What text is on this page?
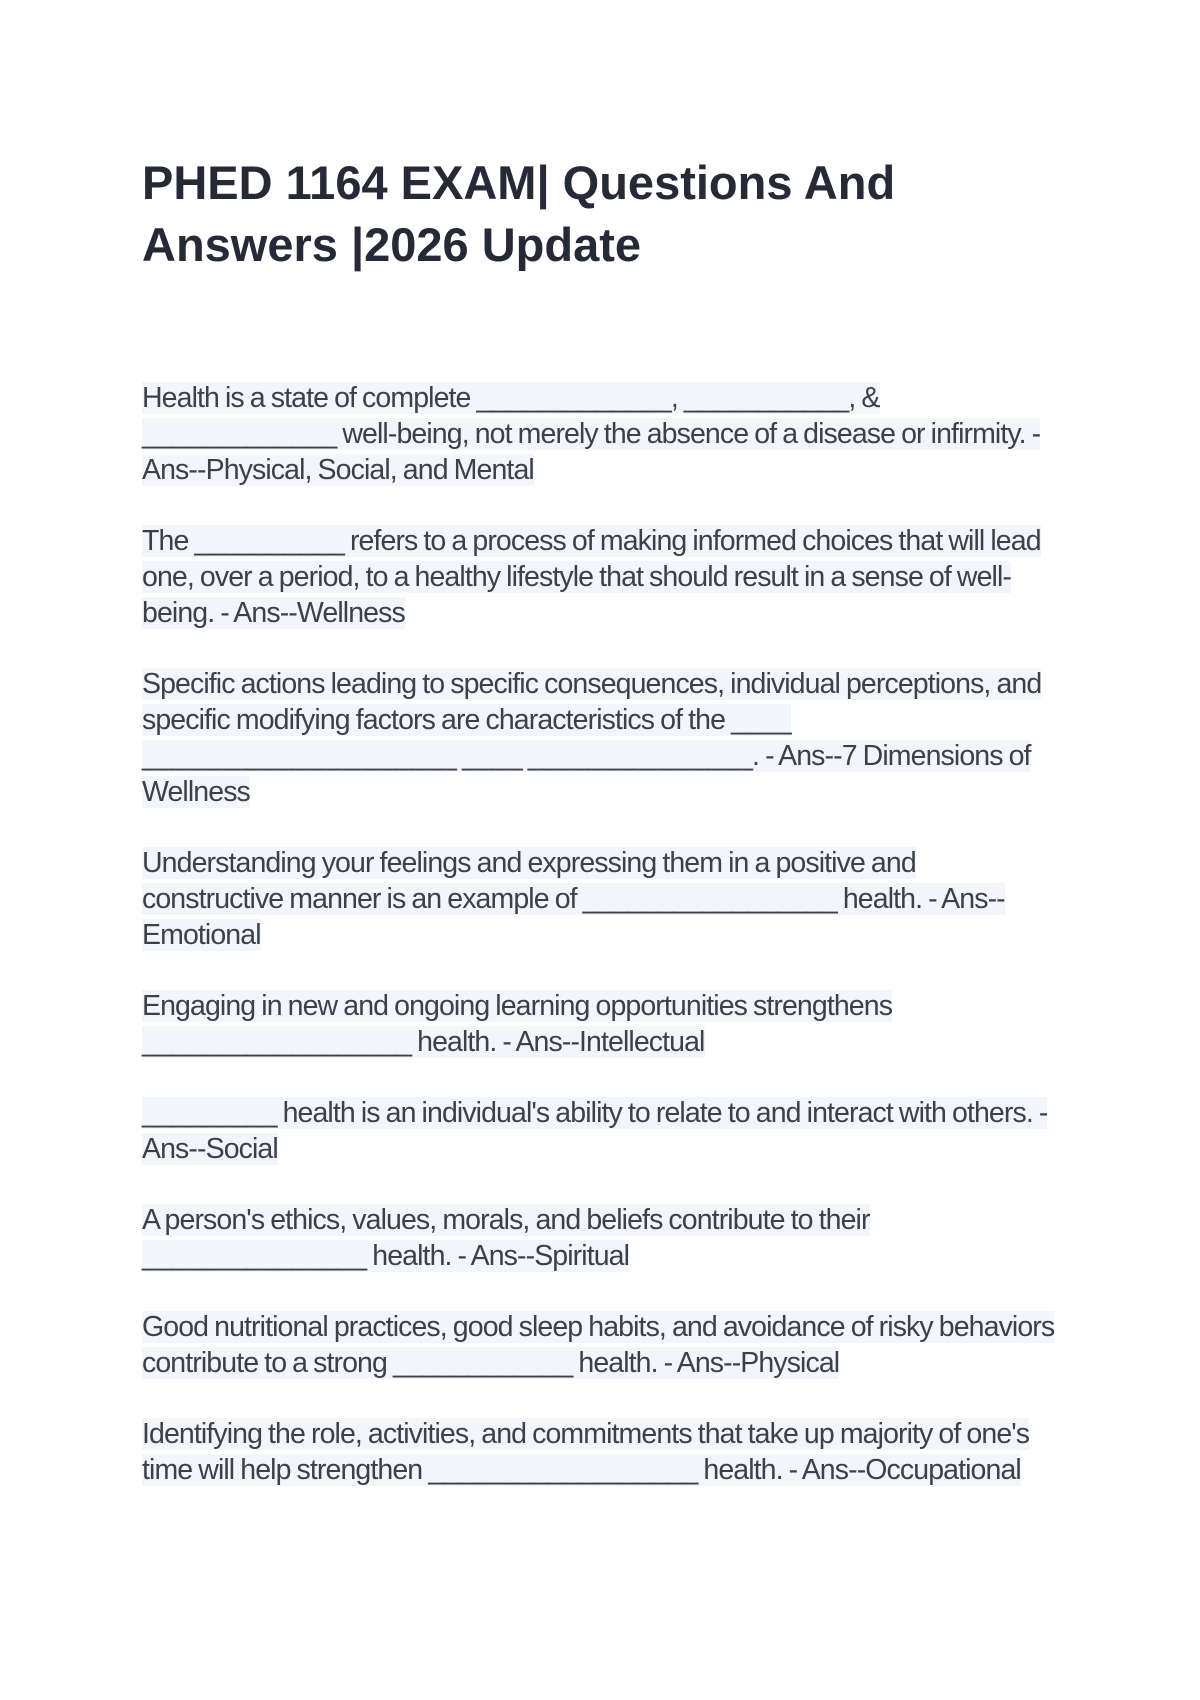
PHED 1164 EXAM| Questions And Answers |2026 Update

Health is a state of complete _____________, ___________, & _____________ well-being, not merely the absence of a disease or infirmity. - Ans--Physical, Social, and Mental

The __________ refers to a process of making informed choices that will lead one, over a period, to a healthy lifestyle that should result in a sense of well-being. - Ans--Wellness

Specific actions leading to specific consequences, individual perceptions, and specific modifying factors are characteristics of the ____ _____________________ ____ _______________. - Ans--7 Dimensions of Wellness

Understanding your feelings and expressing them in a positive and constructive manner is an example of _________________ health. - Ans--Emotional

Engaging in new and ongoing learning opportunities strengthens __________________ health. - Ans--Intellectual

_________ health is an individual's ability to relate to and interact with others. - Ans--Social

A person's ethics, values, morals, and beliefs contribute to their _______________ health. - Ans--Spiritual

Good nutritional practices, good sleep habits, and avoidance of risky behaviors contribute to a strong ____________ health. - Ans--Physical

Identifying the role, activities, and commitments that take up majority of one's time will help strengthen __________________ health. - Ans--Occupational
